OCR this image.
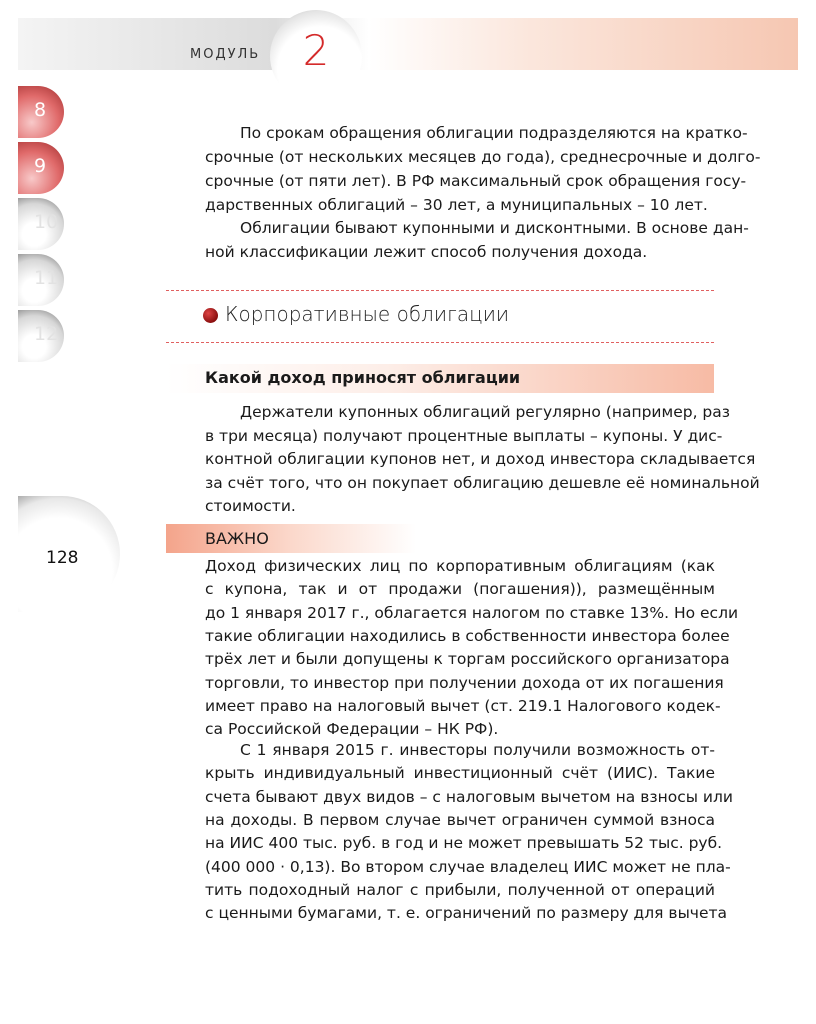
МОДУЛЬ	2
8
9
10
11
12
128
Корпоративные облигации
Какой доход приносят облигации
ВАЖНО
По срокам обращения облигации подразделяются на кратко-
срочные (от нескольких месяцев до года), среднесрочные и долго-
срочные (от пяти лет). В РФ максимальный срок обращения госу-
дарственных облигаций – 30 лет, а муниципальных – 10 лет.
Облигации бывают купонными и дисконтными. В основе дан-
ной классификации лежит способ получения дохода.
Держатели купонных облигаций регулярно (например, раз
в три месяца) получают процентные выплаты – купоны. У дис-
контной облигации купонов нет, и доход инвестора складывается
за счёт того, что он покупает облигацию дешевле её номинальной
стоимости.
Доход физических лиц по корпоративным облигациям (как
с купона, так и от продажи (погашения)), размещённым
до 1 января 2017 г., облагается налогом по ставке 13%. Но если
такие облигации находились в собственности инвестора более
трёх лет и были допущены к торгам российского организатора
торговли, то инвестор при получении дохода от их погашения
имеет право на налоговый вычет (ст. 219.1 Налогового кодек-
са Российской Федерации – НК РФ).
С 1 января 2015 г. инвесторы получили возможность от-
крыть индивидуальный инвестиционный счёт (ИИС). Такие
счета бывают двух видов – с налоговым вычетом на взносы или
на доходы. В первом случае вычет ограничен суммой взноса
на ИИС 400 тыс. руб. в год и не может превышать 52 тыс. руб.
(400 000 · 0,13). Во втором случае владелец ИИС может не пла-
тить подоходный налог с прибыли, полученной от операций
с ценными бумагами, т. е. ограничений по размеру для вычета
